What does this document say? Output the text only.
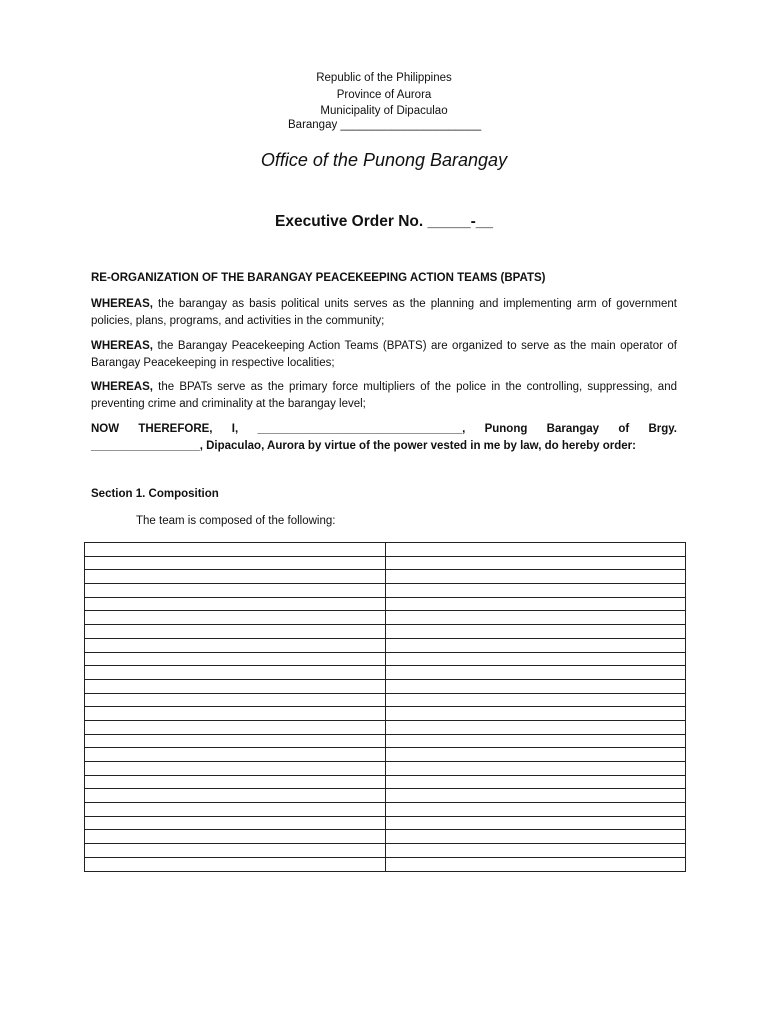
Republic of the Philippines
Province of Aurora
Municipality of Dipaculao
Barangay ______________________
Office of the Punong Barangay
Executive Order No. _____-__
RE-ORGANIZATION OF THE BARANGAY PEACEKEEPING ACTION TEAMS (BPATS)
WHEREAS, the barangay as basis political units serves as the planning and implementing arm of government policies, plans, programs, and activities in the community;
WHEREAS, the Barangay Peacekeeping Action Teams (BPATS) are organized to serve as the main operator of Barangay Peacekeeping in respective localities;
WHEREAS, the BPATs serve as the primary force multipliers of the police in the controlling, suppressing, and preventing crime and criminality at the barangay level;
NOW THEREFORE, I, ________________________________, Punong Barangay of Brgy. _________________, Dipaculao, Aurora by virtue of the power vested in me by law, do hereby order:
Section 1. Composition
The team is composed of the following:
